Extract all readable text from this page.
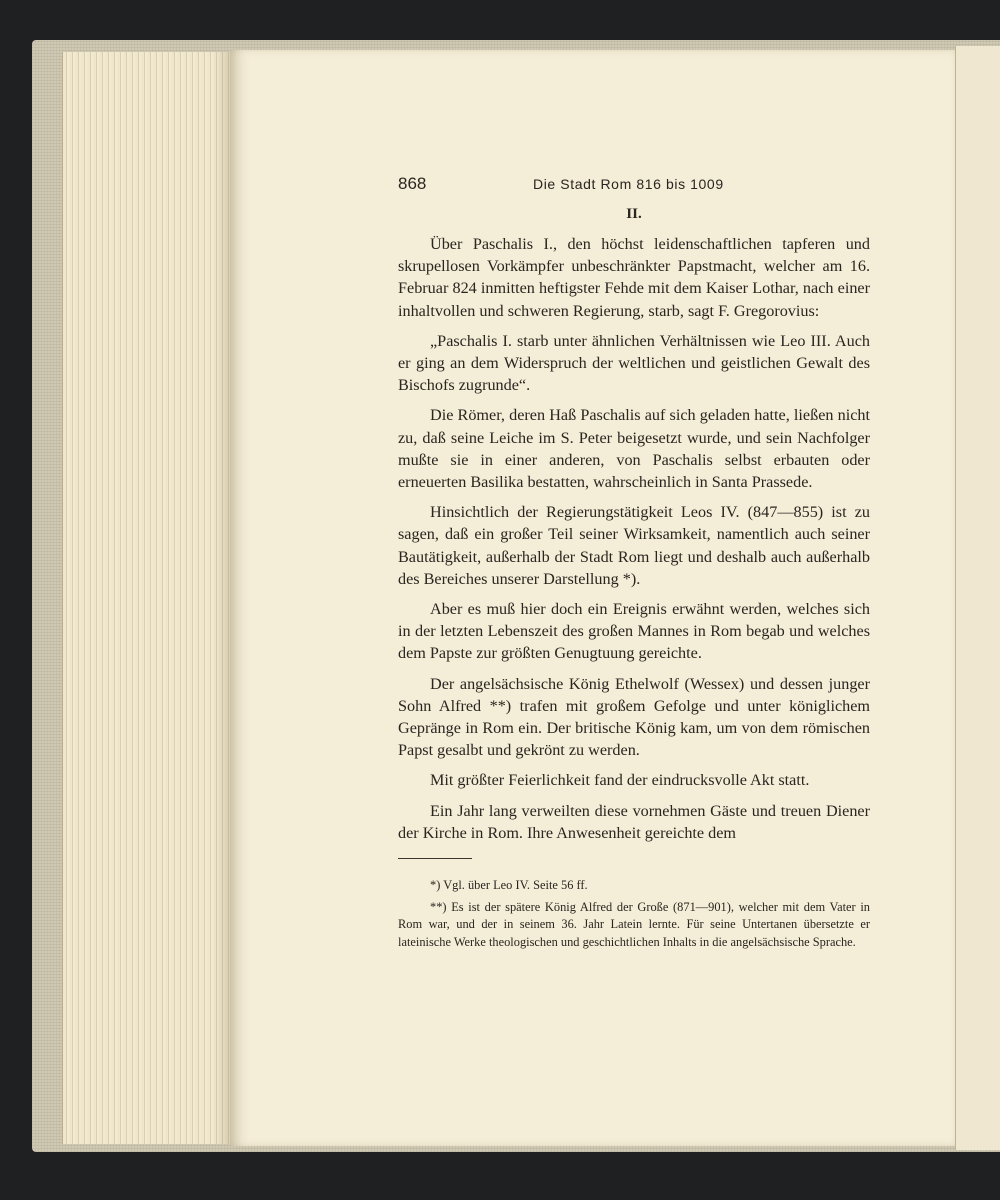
868	Die Stadt Rom 816 bis 1009
II.

Über Paschalis I., den höchst leidenschaftlichen tapferen und skrupellosen Vorkämpfer unbeschränkter Papstmacht, welcher am 16. Februar 824 inmitten heftigster Fehde mit dem Kaiser Lothar, nach einer inhaltvollen und schweren Regierung, starb, sagt F. Gregorovius:

„Paschalis I. starb unter ähnlichen Verhältnissen wie Leo III. Auch er ging an dem Widerspruch der weltlichen und geistlichen Gewalt des Bischofs zugrunde“.

Die Römer, deren Haß Paschalis auf sich geladen hatte, ließen nicht zu, daß seine Leiche im S. Peter beigesetzt wurde, und sein Nachfolger mußte sie in einer anderen, von Paschalis selbst erbauten oder erneuerten Basilika bestatten, wahrscheinlich in Santa Prassede.

Hinsichtlich der Regierungstätigkeit Leos IV. (847—855) ist zu sagen, daß ein großer Teil seiner Wirksamkeit, namentlich auch seiner Bautätigkeit, außerhalb der Stadt Rom liegt und deshalb auch außerhalb des Bereiches unserer Darstellung *).

Aber es muß hier doch ein Ereignis erwähnt werden, welches sich in der letzten Lebenszeit des großen Mannes in Rom begab und welches dem Papste zur größten Genugtuung gereichte.

Der angelsächsische König Ethelwolf (Wessex) und dessen junger Sohn Alfred **) trafen mit großem Gefolge und unter königlichem Gepränge in Rom ein. Der britische König kam, um von dem römischen Papst gesalbt und gekrönt zu werden.

Mit größter Feierlichkeit fand der eindrucksvolle Akt statt.

Ein Jahr lang verweilten diese vornehmen Gäste und treuen Diener der Kirche in Rom. Ihre Anwesenheit gereichte dem

*) Vgl. über Leo IV. Seite 56 ff.

**) Es ist der spätere König Alfred der Große (871—901), welcher mit dem Vater in Rom war, und der in seinem 36. Jahr Latein lernte. Für seine Untertanen übersetzte er lateinische Werke theologischen und geschichtlichen Inhalts in die angelsächsische Sprache.
